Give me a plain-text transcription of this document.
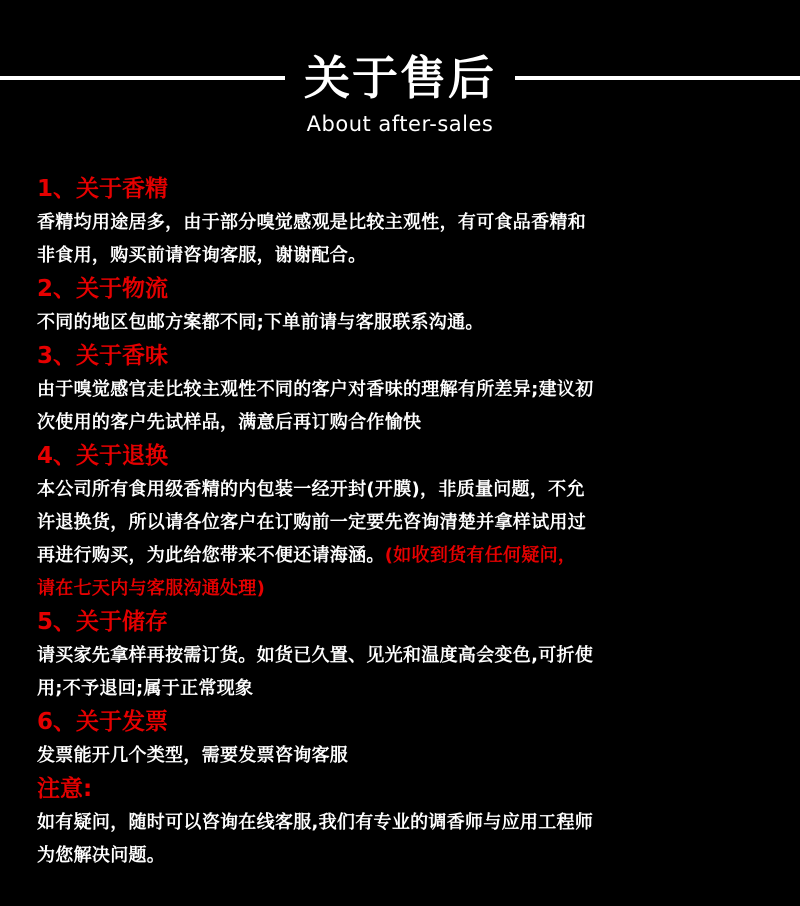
关于售后
About after-sales
1、关于香精
香精均用途居多，由于部分嗅觉感观是比较主观性，有可食品香精和
非食用，购买前请咨询客服，谢谢配合。
2、关于物流
不同的地区包邮方案都不同;下单前请与客服联系沟通。
3、关于香味
由于嗅觉感官走比较主观性不同的客户对香味的理解有所差异;建议初
次使用的客户先试样品，满意后再订购合作愉快
4、关于退换
本公司所有食用级香精的内包装一经开封(开膜)，非质量问题，不允
许退换货，所以请各位客户在订购前一定要先咨询清楚并拿样试用过
再进行购买，为此给您带来不便还请海涵。(如收到货有任何疑问，
请在七天内与客服沟通处理)
5、关于储存
请买家先拿样再按需订货。如货已久置、见光和温度高会变色,可折使
用;不予退回;属于正常现象
6、关于发票
发票能开几个类型，需要发票咨询客服
注意:
如有疑问，随时可以咨询在线客服,我们有专业的调香师与应用工程师
为您解决问题。
